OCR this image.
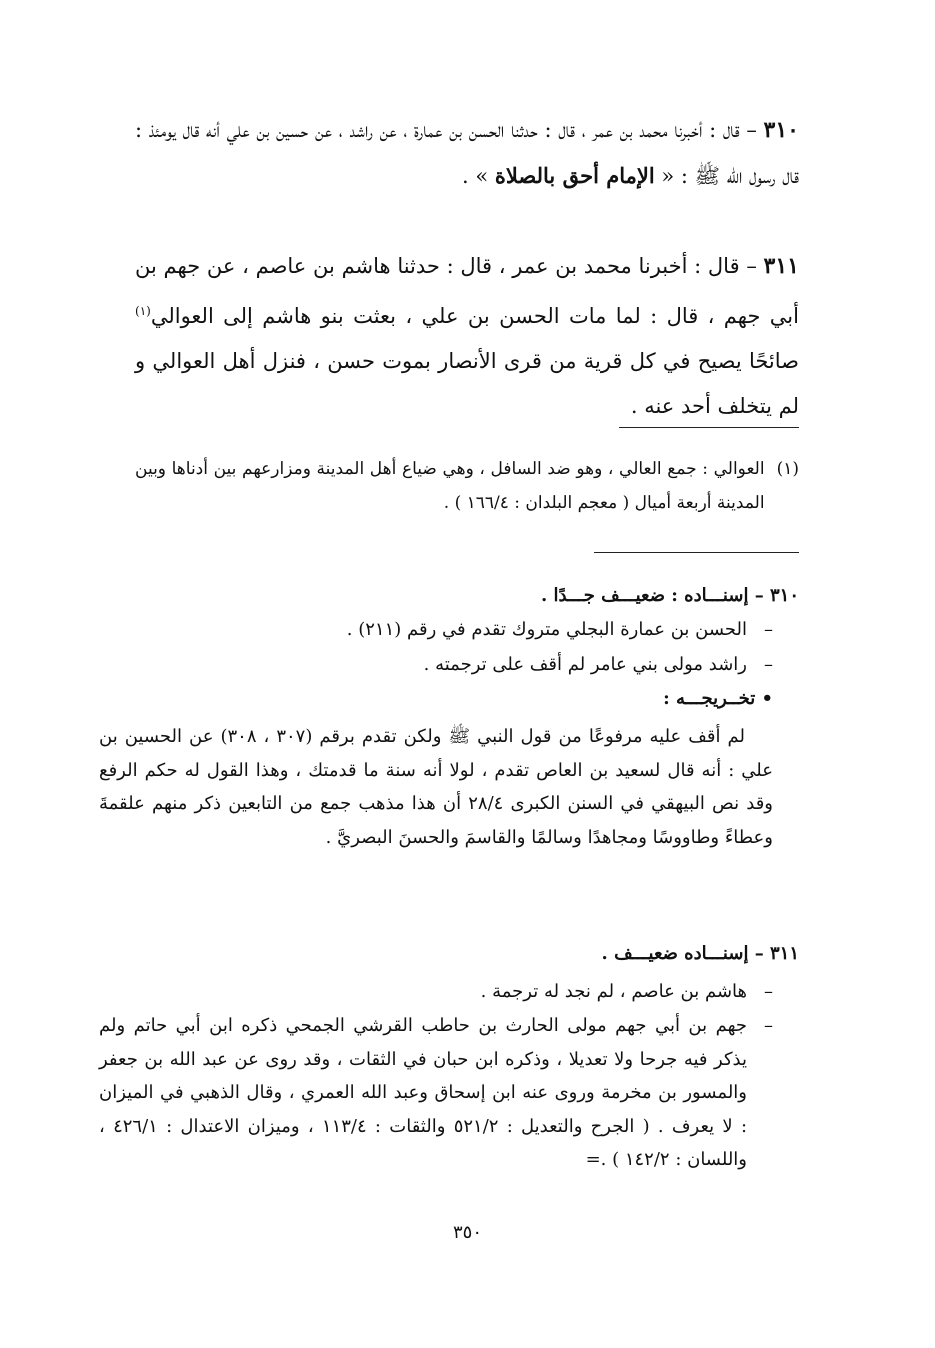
٣١٠ – قال : أخبرنا محمد بن عمر ، قال : حدثنا الحسن بن عمارة ، عن راشد ، عن حسين بن علي أنه قال يومئذ : قال رسول الله ﷺ : « الإمام أحق بالصلاة » .

٣١١ – قال : أخبرنا محمد بن عمر ، قال : حدثنا هاشم بن عاصم ، عن جهم بن أبي جهم ، قال : لما مات الحسن بن علي ، بعثت بنو هاشم إلى العوالي$^{(١)}$ صائحًا يصيح في كل قرية من قرى الأنصار بموت حسن ، فنزل أهل العوالي و لم يتخلف أحد عنه .

(١)
العوالي : جمع العالي ، وهو ضد السافل ، وهي ضياع أهل المدينة ومزارعهم بين أدناها وبين المدينة أربعة أميال ( معجم البلدان : ١٦٦/٤ ) .

٣١٠ – إسنـــاده : ضعيـــف جـــدًا .

–
الحسن بن عمارة البجلي متروك تقدم في رقم (٢١١) .

–
راشد مولى بني عامر لم أقف على ترجمته .

• تخــريجـــه :

لم أقف عليه مرفوعًا من قول النبي ﷺ ولكن تقدم برقم (٣٠٧ ، ٣٠٨) عن الحسين بن علي : أنه قال لسعيد بن العاص تقدم ، لولا أنه سنة ما قدمتك ، وهذا القول له حكم الرفع وقد نص البيهقي في السنن الكبرى ٢٨/٤ أن هذا مذهب جمع من التابعين ذكر منهم علقمةَ وعطاءً وطاووسًا ومجاهدًا وسالمًا والقاسمَ والحسنَ البصريَّ .

٣١١ – إسنـــاده ضعيـــف .

–
هاشم بن عاصم ، لم نجد له ترجمة .

–
جهم بن أبي جهم مولى الحارث بن حاطب القرشي الجمحي ذكره ابن أبي حاتم ولم يذكر فيه جرحا ولا تعديلا ، وذكره ابن حبان في الثقات ، وقد روى عن عبد الله بن جعفر والمسور بن مخرمة وروى عنه ابن إسحاق وعبد الله العمري ، وقال الذهبي في الميزان : لا يعرف . ( الجرح والتعديل : ٥٢١/٢ والثقات : ١١٣/٤ ، وميزان الاعتدال : ٤٢٦/١ ، واللسان : ١٤٢/٢ ) .=

٣٥٠
